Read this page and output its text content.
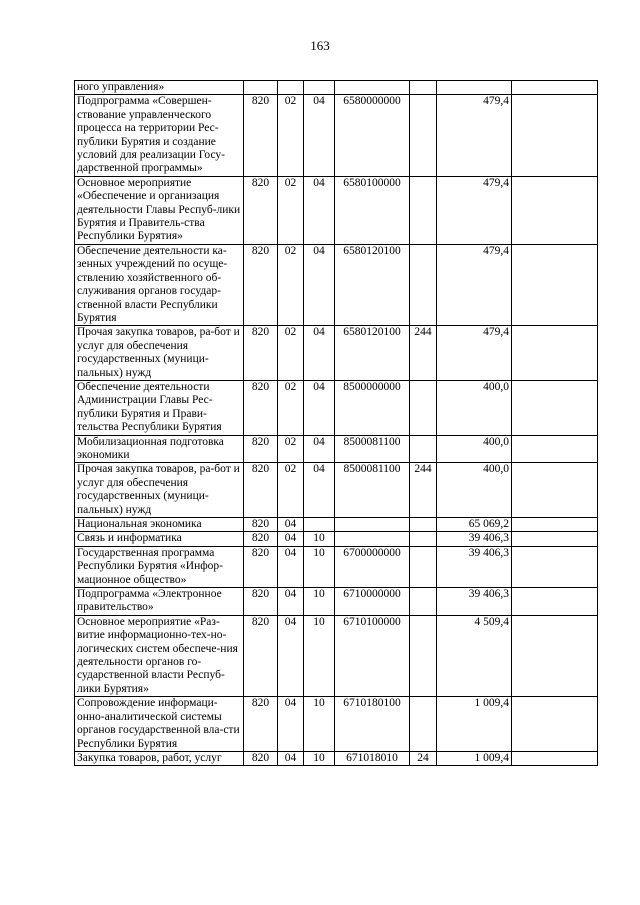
163
ного управления»							
Подпрограмма «Совершен-ствование управленческого процесса на территории Рес-публики Бурятия и создание условий для реализации Госу-дарственной программы»	820	02	04	6580000000		479,4	
Основное мероприятие «Обеспечение и организация деятельности Главы Респуб-лики Бурятия и Правитель-ства Республики Бурятия»	820	02	04	6580100000		479,4	
Обеспечение деятельности ка-зенных учреждений по осуще-ствлению хозяйственного об-служивания органов государ-ственной власти Республики Бурятия	820	02	04	6580120100		479,4	
Прочая закупка товаров, ра-бот и услуг для обеспечения государственных (муници-пальных) нужд	820	02	04	6580120100	244	479,4	
Обеспечение деятельности Администрации Главы Рес-публики Бурятия и Прави-тельства Республики Бурятия	820	02	04	8500000000		400,0	
Мобилизационная подготовка экономики	820	02	04	8500081100		400,0	
Прочая закупка товаров, ра-бот и услуг для обеспечения государственных (муници-пальных) нужд	820	02	04	8500081100	244	400,0	
Национальная экономика	820	04				65 069,2	
Связь и информатика	820	04	10			39 406,3	
Государственная программа Республики Бурятия «Инфор-мационное общество»	820	04	10	6700000000		39 406,3	
Подпрограмма «Электронное правительство»	820	04	10	6710000000		39 406,3	
Основное мероприятие «Раз-витие информационно-тех-но-логических систем обеспече-ния деятельности органов го-сударственной власти Респуб-лики Бурятия»	820	04	10	6710100000		4 509,4	
Сопровождение информаци-онно-аналитической системы органов государственной вла-сти Республики Бурятия	820	04	10	6710180100		1 009,4	
Закупка товаров, работ, услуг	820	04	10	671018010	24	1 009,4	
